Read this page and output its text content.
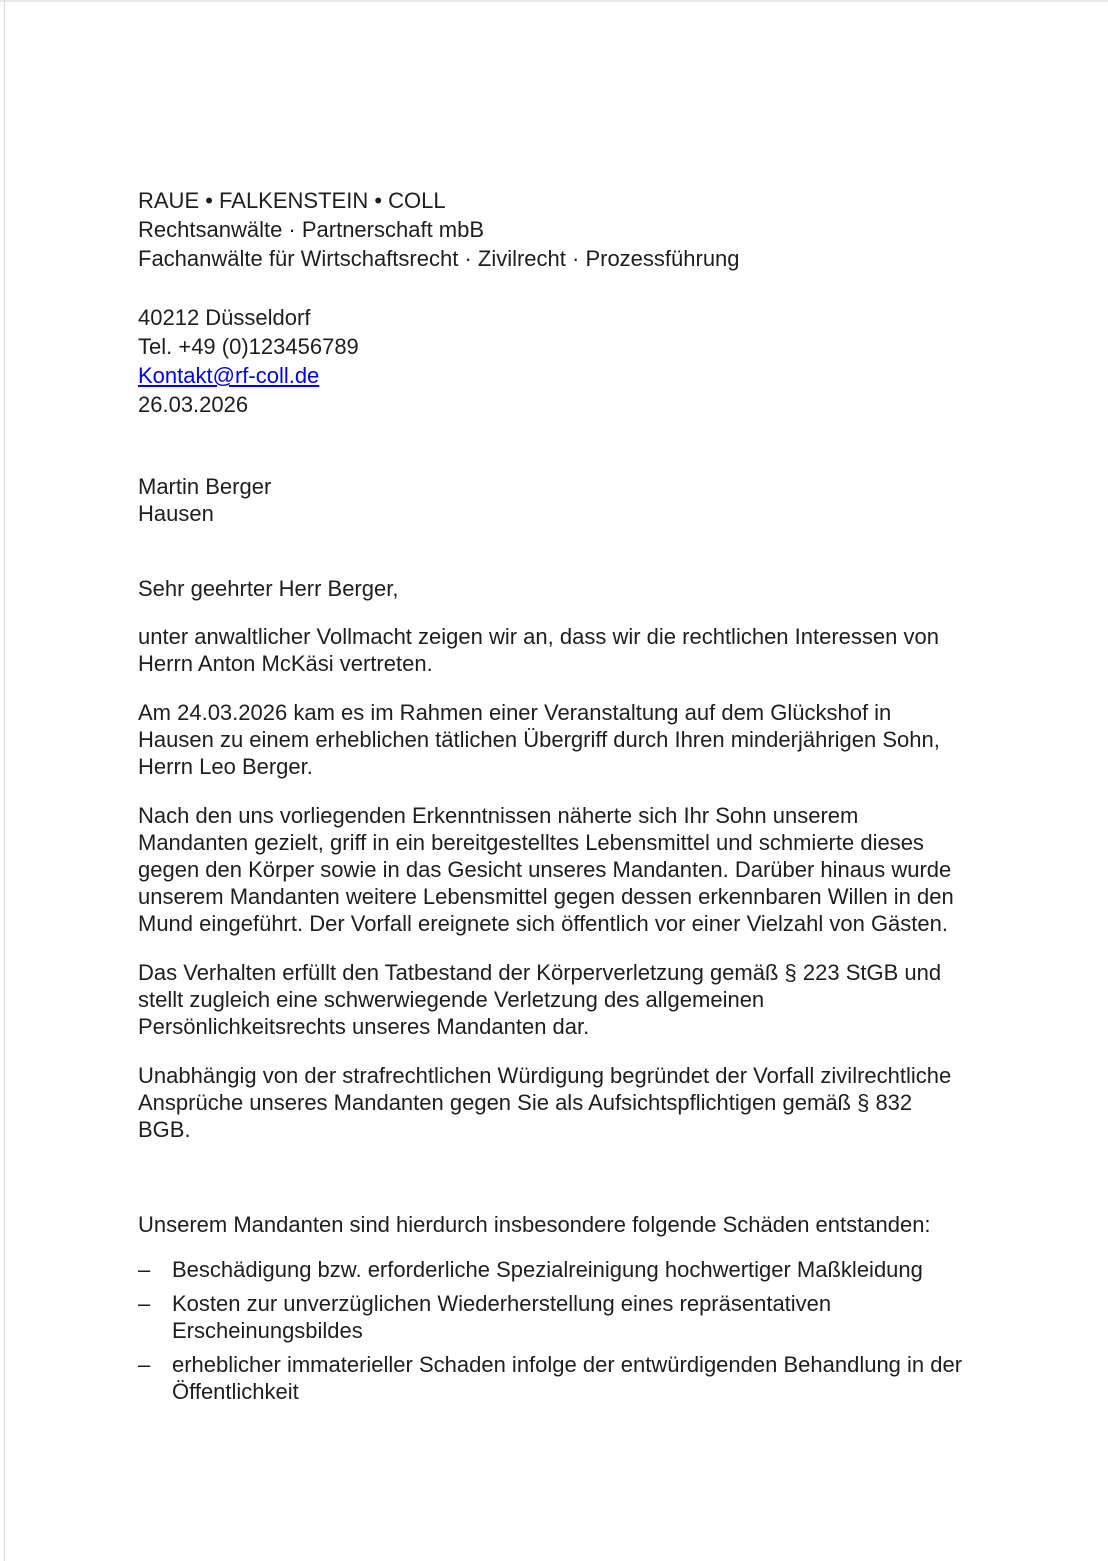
RAUE • FALKENSTEIN • COLL
Rechtsanwälte · Partnerschaft mbB
Fachanwälte für Wirtschaftsrecht · Zivilrecht · Prozessführung
40212 Düsseldorf
Tel. +49 (0)123456789
Kontakt@rf-coll.de
26.03.2026
Martin Berger
Hausen
Sehr geehrter Herr Berger,
unter anwaltlicher Vollmacht zeigen wir an, dass wir die rechtlichen Interessen von
Herrn Anton McKäsi vertreten.
Am 24.03.2026 kam es im Rahmen einer Veranstaltung auf dem Glückshof in
Hausen zu einem erheblichen tätlichen Übergriff durch Ihren minderjährigen Sohn,
Herrn Leo Berger.
Nach den uns vorliegenden Erkenntnissen näherte sich Ihr Sohn unserem
Mandanten gezielt, griff in ein bereitgestelltes Lebensmittel und schmierte dieses
gegen den Körper sowie in das Gesicht unseres Mandanten. Darüber hinaus wurde
unserem Mandanten weitere Lebensmittel gegen dessen erkennbaren Willen in den
Mund eingeführt. Der Vorfall ereignete sich öffentlich vor einer Vielzahl von Gästen.
Das Verhalten erfüllt den Tatbestand der Körperverletzung gemäß § 223 StGB und
stellt zugleich eine schwerwiegende Verletzung des allgemeinen
Persönlichkeitsrechts unseres Mandanten dar.
Unabhängig von der strafrechtlichen Würdigung begründet der Vorfall zivilrechtliche
Ansprüche unseres Mandanten gegen Sie als Aufsichtspflichtigen gemäß § 832
BGB.
Unserem Mandanten sind hierdurch insbesondere folgende Schäden entstanden:
– Beschädigung bzw. erforderliche Spezialreinigung hochwertiger Maßkleidung
– Kosten zur unverzüglichen Wiederherstellung eines repräsentativen
Erscheinungsbildes
– erheblicher immaterieller Schaden infolge der entwürdigenden Behandlung in der
Öffentlichkeit
